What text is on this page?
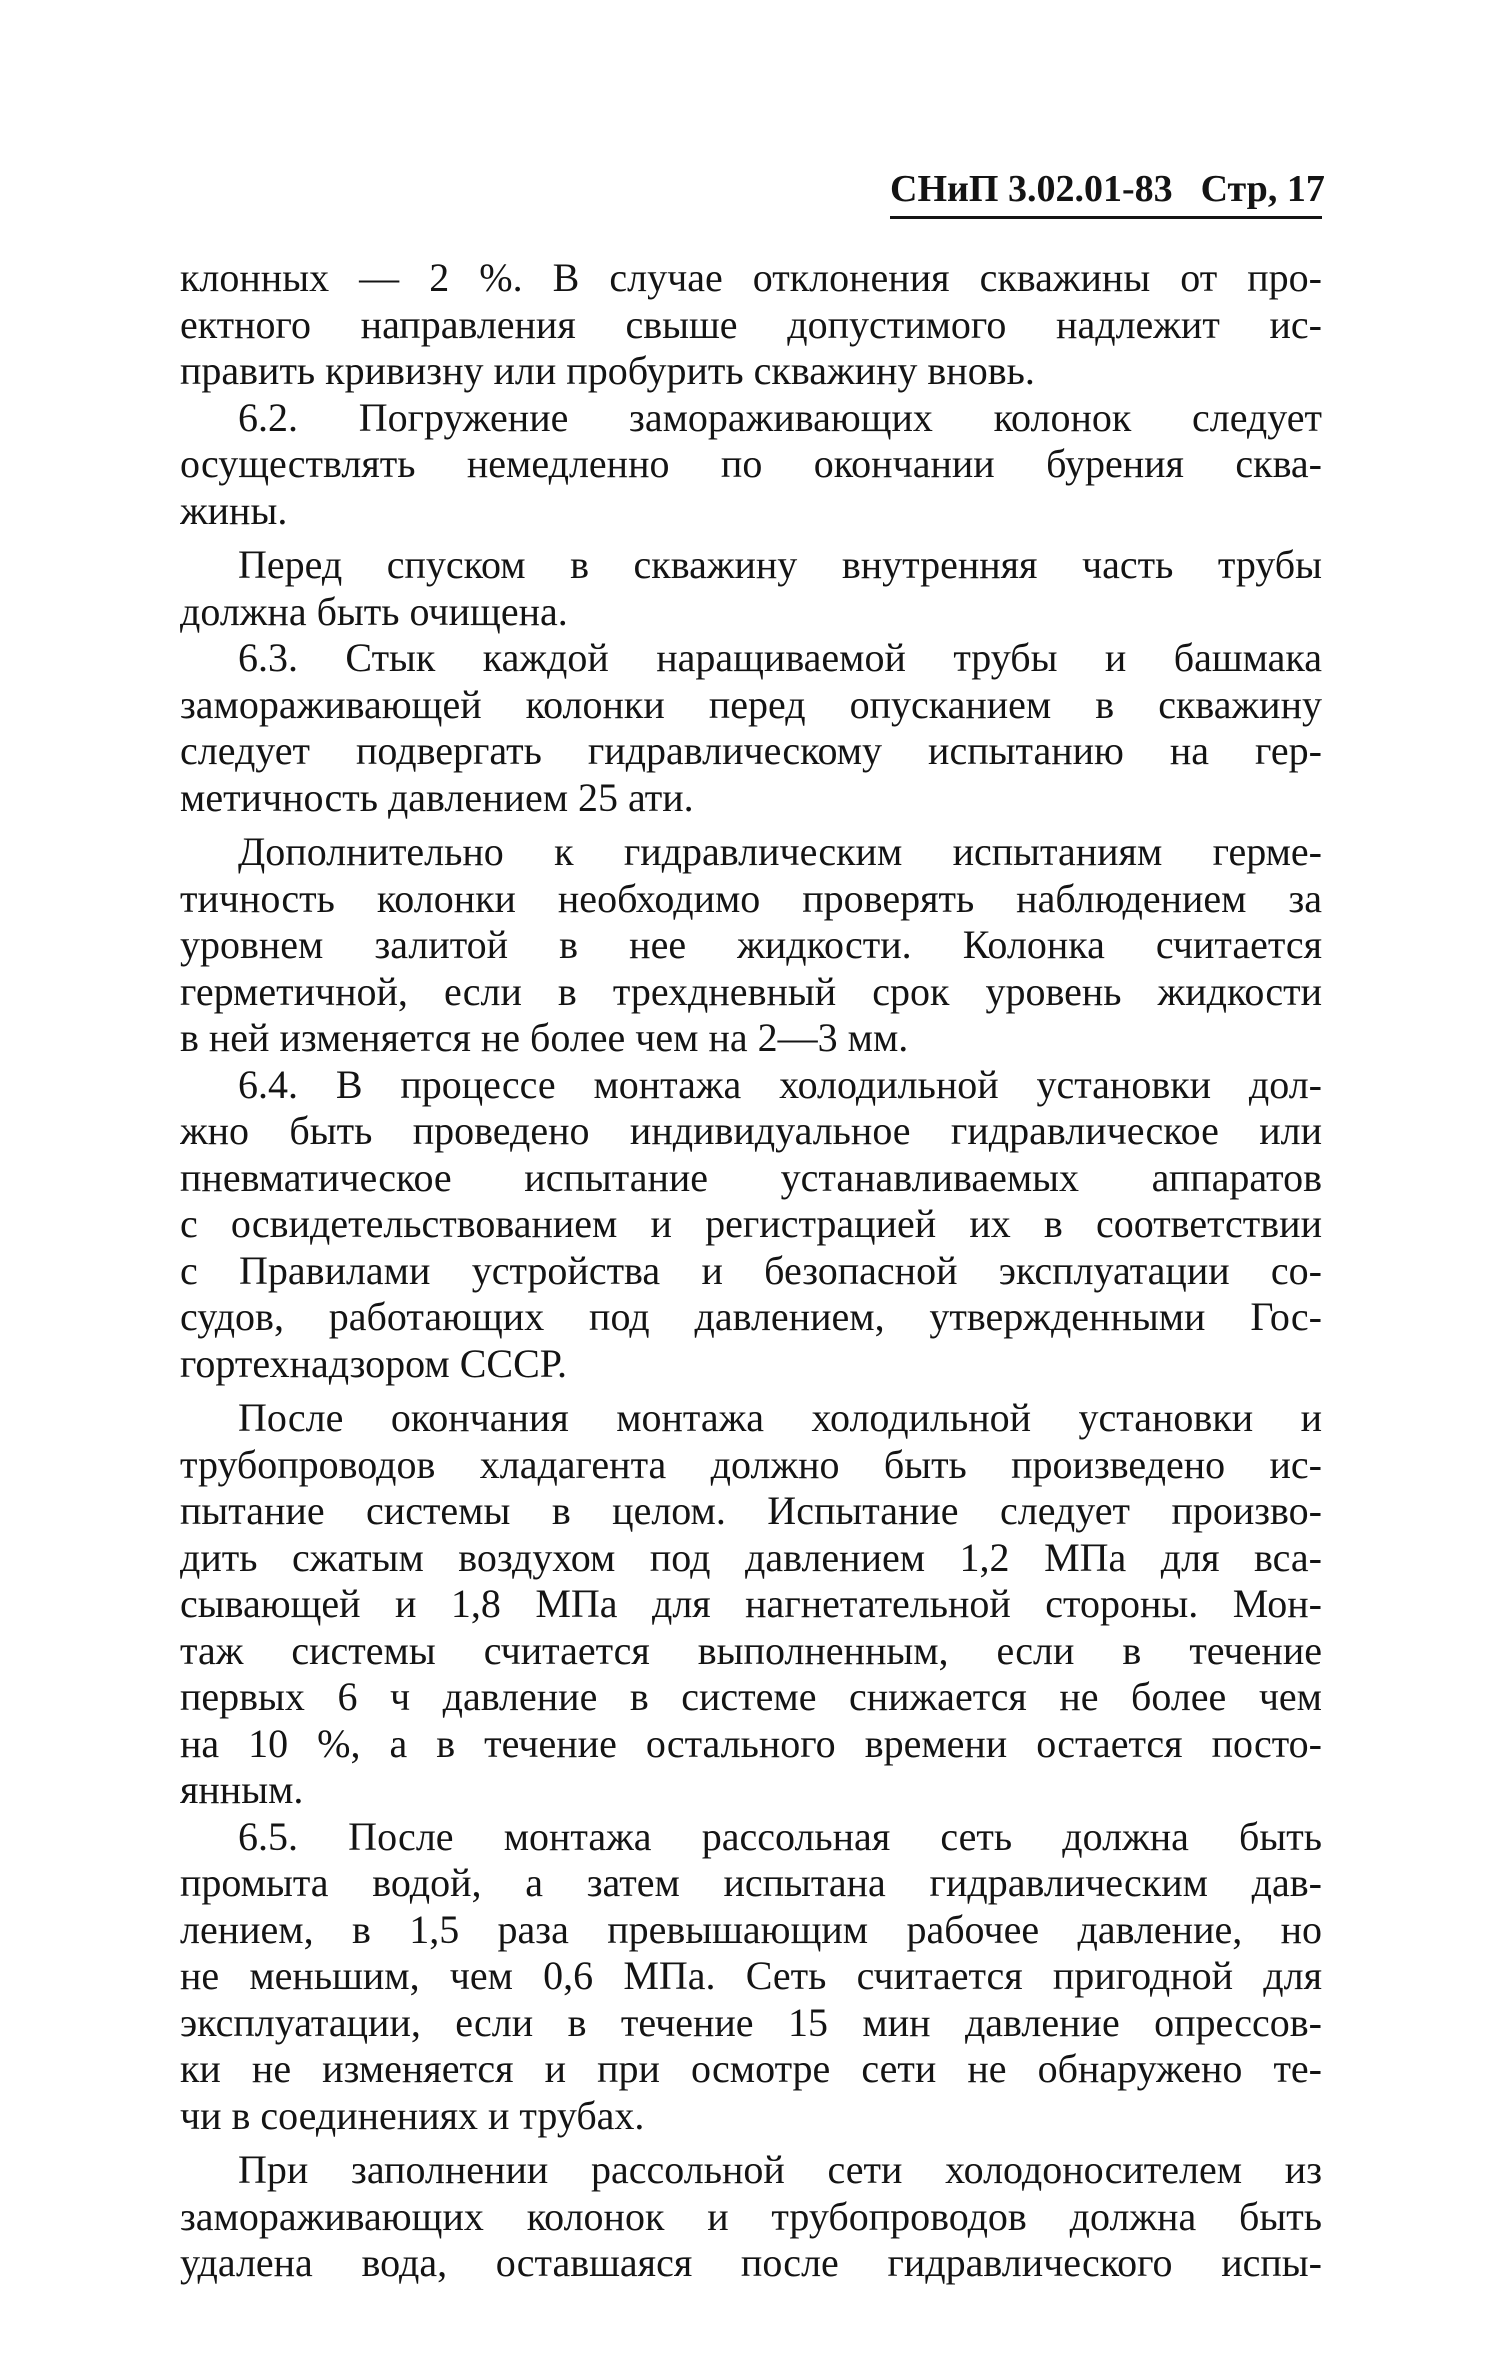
СНиП 3.02.01-83 Стр, 17
клонных — 2 %. В случае отклонения скважины от про-
ектного направления свыше допустимого надлежит ис-
править кривизну или пробурить скважину вновь.
6.2. Погружение замораживающих колонок следует
осуществлять немедленно по окончании бурения сква-
жины.
Перед спуском в скважину внутренняя часть трубы
должна быть очищена.
6.3. Стык каждой наращиваемой трубы и башмака
замораживающей колонки перед опусканием в скважину
следует подвергать гидравлическому испытанию на гер-
метичность давлением 25 ати.
Дополнительно к гидравлическим испытаниям герме-
тичность колонки необходимо проверять наблюдением за
уровнем залитой в нее жидкости. Колонка считается
герметичной, если в трехдневный срок уровень жидкости
в ней изменяется не более чем на 2—3 мм.
6.4. В процессе монтажа холодильной установки дол-
жно быть проведено индивидуальное гидравлическое или
пневматическое испытание устанавливаемых аппаратов
с освидетельствованием и регистрацией их в соответствии
с Правилами устройства и безопасной эксплуатации со-
судов, работающих под давлением, утвержденными Гос-
гортехнадзором СССР.
После окончания монтажа холодильной установки и
трубопроводов хладагента должно быть произведено ис-
пытание системы в целом. Испытание следует произво-
дить сжатым воздухом под давлением 1,2 МПа для вса-
сывающей и 1,8 МПа для нагнетательной стороны. Мон-
таж системы считается выполненным, если в течение
первых 6 ч давление в системе снижается не более чем
на 10 %, а в течение остального времени остается посто-
янным.
6.5. После монтажа рассольная сеть должна быть
промыта водой, а затем испытана гидравлическим дав-
лением, в 1,5 раза превышающим рабочее давление, но
не меньшим, чем 0,6 МПа. Сеть считается пригодной для
эксплуатации, если в течение 15 мин давление опрессов-
ки не изменяется и при осмотре сети не обнаружено те-
чи в соединениях и трубах.
При заполнении рассольной сети холодоносителем из
замораживающих колонок и трубопроводов должна быть
удалена вода, оставшаяся после гидравлического испы-
